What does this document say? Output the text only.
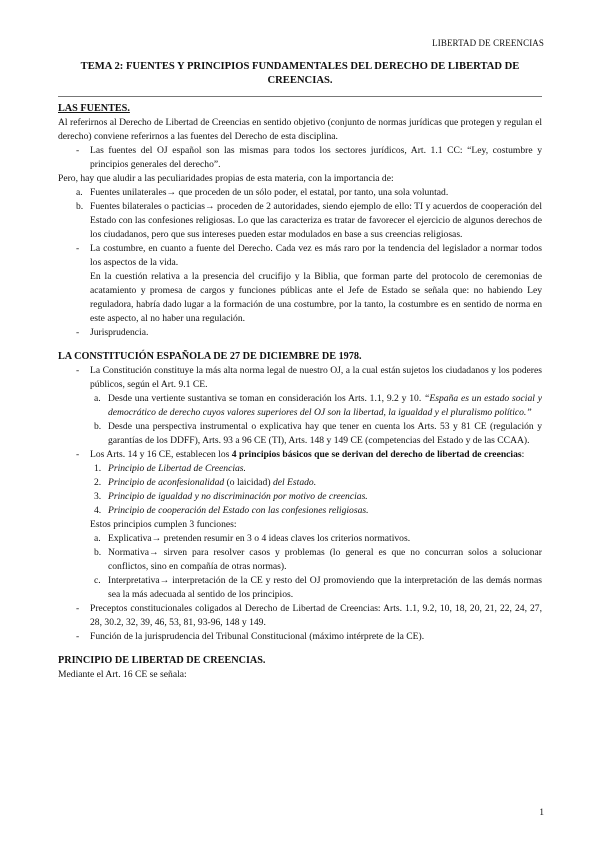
LIBERTAD DE CREENCIAS
TEMA 2: FUENTES Y PRINCIPIOS FUNDAMENTALES DEL DERECHO DE LIBERTAD DE CREENCIAS.

LAS FUENTES.

Al referirnos al Derecho de Libertad de Creencias en sentido objetivo (conjunto de normas jurídicas que protegen y regulan el derecho) conviene referirnos a las fuentes del Derecho de esta disciplina.

-	Las fuentes del OJ español son las mismas para todos los sectores jurídicos, Art. 1.1 CC: “Ley, costumbre y principios generales del derecho”.

Pero, hay que aludir a las peculiaridades propias de esta materia, con la importancia de:

a. Fuentes unilaterales→ que proceden de un sólo poder, el estatal, por tanto, una sola voluntad.
b. Fuentes bilaterales o pacticias→ proceden de 2 autoridades, siendo ejemplo de ello: TI y acuerdos de cooperación del Estado con las confesiones religiosas. Lo que las caracteriza es tratar de favorecer el ejercicio de algunos derechos de los ciudadanos, pero que sus intereses pueden estar modulados en base a sus creencias religiosas.
-	La costumbre, en cuanto a fuente del Derecho. Cada vez es más raro por la tendencia del legislador a normar todos los aspectos de la vida.

En la cuestión relativa a la presencia del crucifijo y la Biblia, que forman parte del protocolo de ceremonias de acatamiento y promesa de cargos y funciones públicas ante el Jefe de Estado se señala que: no habiendo Ley reguladora, habría dado lugar a la formación de una costumbre, por la tanto, la costumbre es en sentido de norma en este aspecto, al no haber una regulación.

-	Jurisprudencia.

LA CONSTITUCIÓN ESPAÑOLA DE 27 DE DICIEMBRE DE 1978.

-	La Constitución constituye la más alta norma legal de nuestro OJ, a la cual están sujetos los ciudadanos y los poderes públicos, según el Art. 9.1 CE.
a. Desde una vertiente sustantiva se toman en consideración los Arts. 1.1, 9.2 y 10. “España es un estado social y democrático de derecho cuyos valores superiores del OJ son la libertad, la igualdad y el pluralismo político.”
b. Desde una perspectiva instrumental o explicativa hay que tener en cuenta los Arts. 53 y 81 CE (regulación y garantías de los DDFF), Arts. 93 a 96 CE (TI), Arts. 148 y 149 CE (competencias del Estado y de las CCAA).
-	Los Arts. 14 y 16 CE, establecen los 4 principios básicos que se derivan del derecho de libertad de creencias:
1. Principio de Libertad de Creencias.
2. Principio de aconfesionalidad (o laicidad) del Estado.
3. Principio de igualdad y no discriminación por motivo de creencias.
4. Principio de cooperación del Estado con las confesiones religiosas.

Estos principios cumplen 3 funciones:

a. Explicativa→ pretenden resumir en 3 o 4 ideas claves los criterios normativos.
b. Normativa→ sirven para resolver casos y problemas (lo general es que no concurran solos a solucionar conflictos, sino en compañía de otras normas).
c. Interpretativa→ interpretación de la CE y resto del OJ promoviendo que la interpretación de las demás normas sea la más adecuada al sentido de los principios.
-	Preceptos constitucionales coligados al Derecho de Libertad de Creencias: Arts. 1.1, 9.2, 10, 18, 20, 21, 22, 24, 27, 28, 30.2, 32, 39, 46, 53, 81, 93-96, 148 y 149.
-	Función de la jurisprudencia del Tribunal Constitucional (máximo intérprete de la CE).

PRINCIPIO DE LIBERTAD DE CREENCIAS.

Mediante el Art. 16 CE se señala:

1
